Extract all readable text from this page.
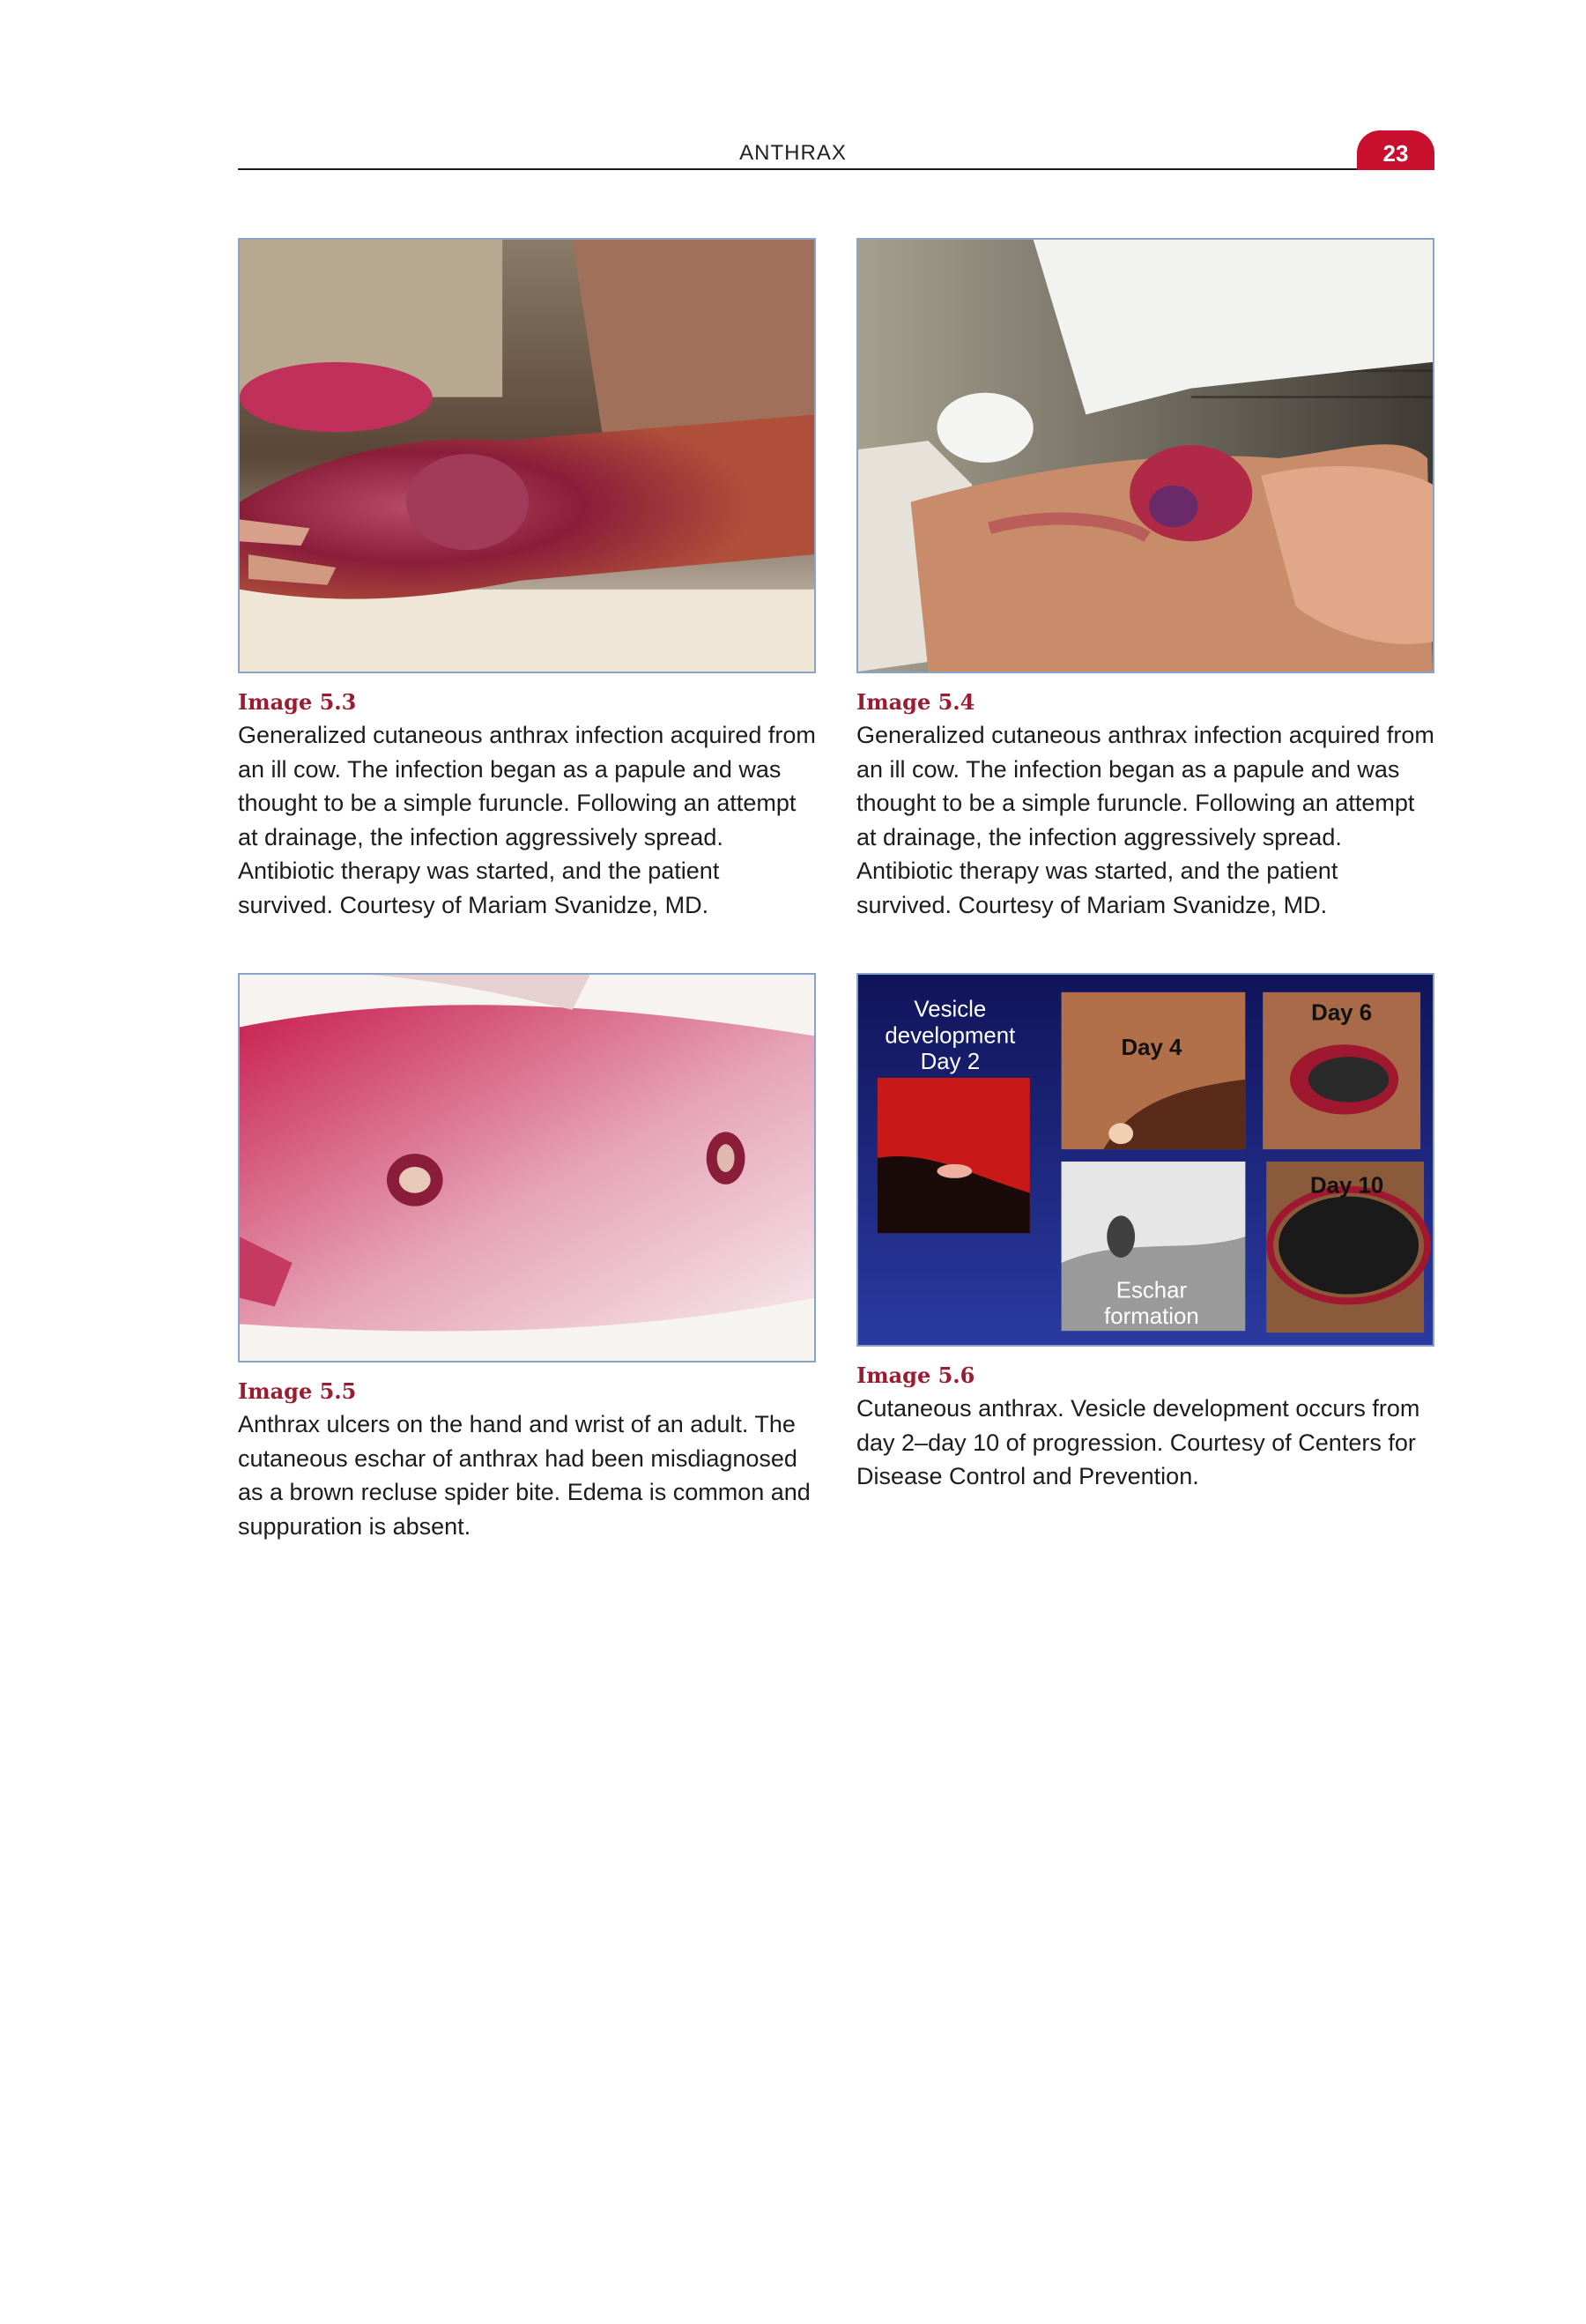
ANTHRAX	23
Image 5.3
Generalized cutaneous anthrax infection acquired from an ill cow. The infection began as a papule and was thought to be a simple furuncle. Following an attempt at drainage, the infection aggressively spread. Antibiotic therapy was started, and the patient survived. Courtesy of Mariam Svanidze, MD.
Image 5.4
Generalized cutaneous anthrax infection acquired from an ill cow. The infection began as a papule and was thought to be a simple furuncle. Following an attempt at drainage, the infection aggressively spread. Antibiotic therapy was started, and the patient survived. Courtesy of Mariam Svanidze, MD.
Image 5.5
Anthrax ulcers on the hand and wrist of an adult. The cutaneous eschar of anthrax had been misdiagnosed as a brown recluse spider bite. Edema is common and suppuration is absent.
Vesicle
development
Day 2
Day 4
Day 6
Day 10
Eschar
formation
Image 5.6
Cutaneous anthrax. Vesicle development occurs from day 2–day 10 of progression. Courtesy of Centers for Disease Control and Prevention.
